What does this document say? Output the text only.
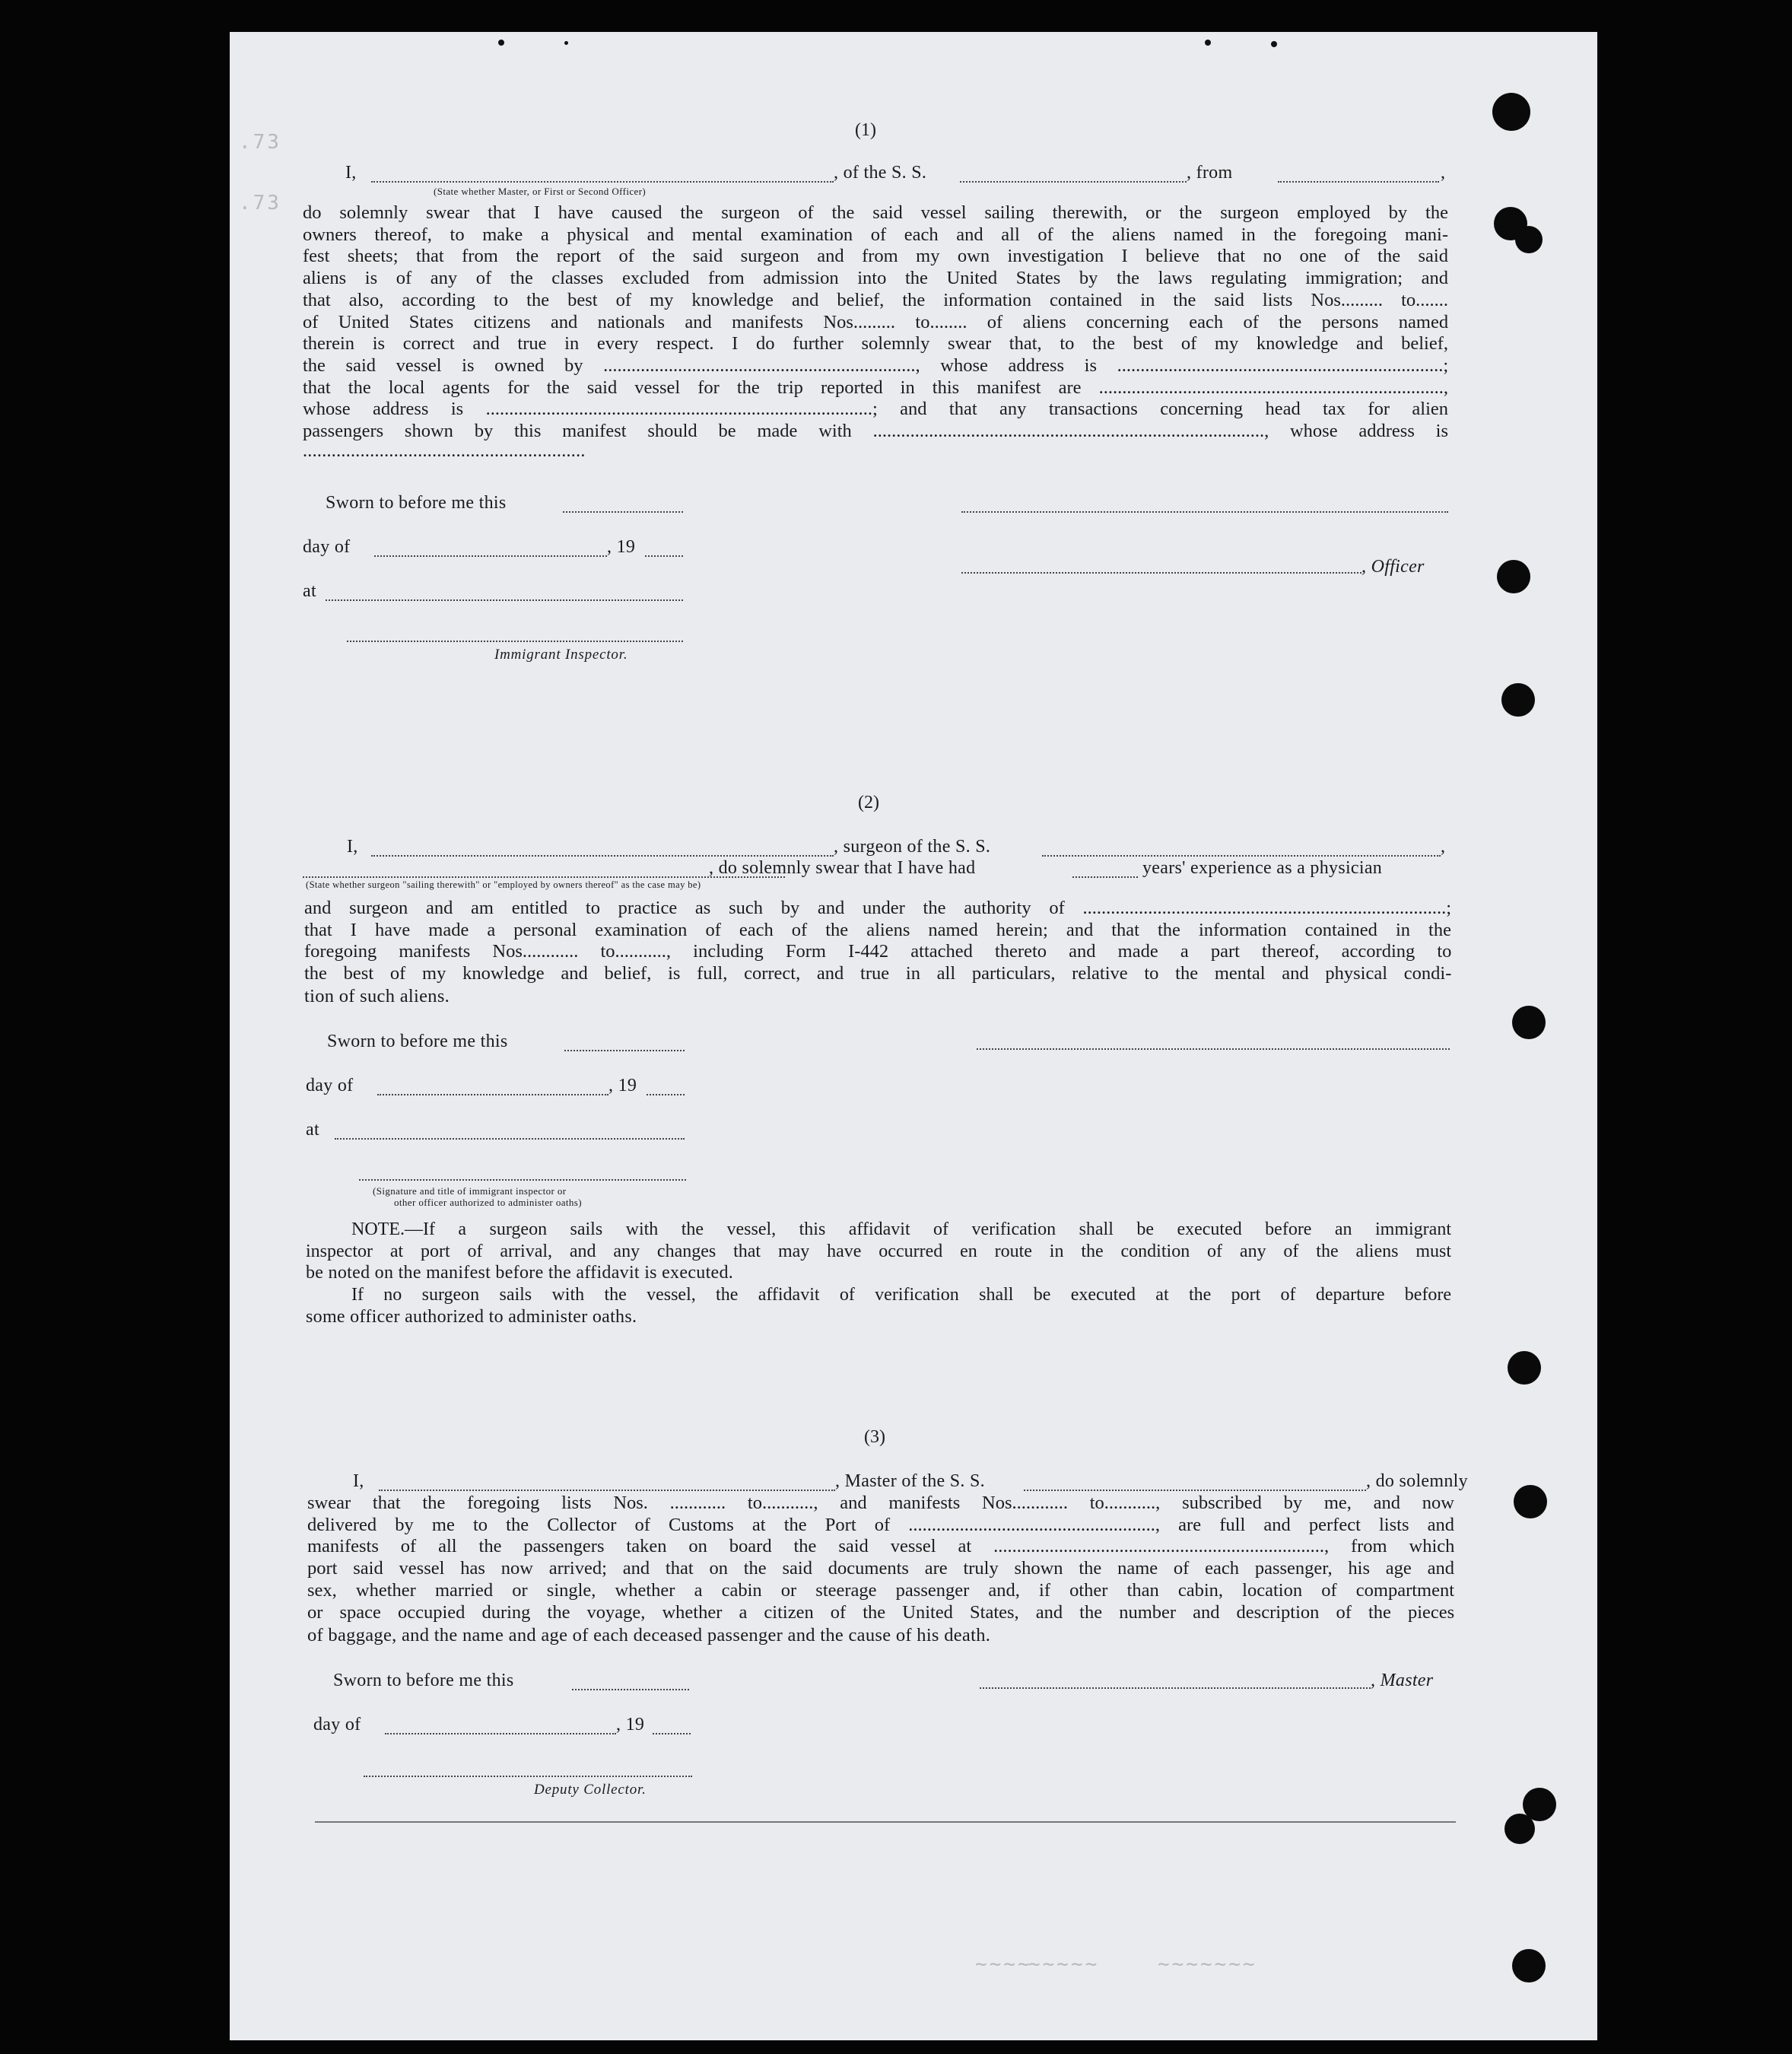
.73
.73
~~~~
~~~~~	~~~~~~~
(1)
I,	, of the S. S.	, from	,
(State whether Master, or First or Second Officer)
do solemnly swear that I have caused the surgeon of the said vessel sailing therewith, or the surgeon employed by the
owners thereof, to make a physical and mental examination of each and all of the aliens named in the foregoing mani-
fest sheets; that from the report of the said surgeon and from my own investigation I believe that no one of the said
aliens is of any of the classes excluded from admission into the United States by the laws regulating immigration; and
that also, according to the best of my knowledge and belief, the information contained in the said lists Nos......... to.......
of United States citizens and nationals and manifests Nos......... to........ of aliens concerning each of the persons named
therein is correct and true in every respect. I do further solemnly swear that, to the best of my knowledge and belief,
the said vessel is owned by ..................................................................., whose address is ......................................................................;
that the local agents for the said vessel for the trip reported in this manifest are ..........................................................................,
whose address is ...................................................................................; and that any transactions concerning head tax for alien
passengers shown by this manifest should be made with ...................................................................................., whose address is
...........................................................
Sworn to before me this
day of	, 19
, Officer
at
Immigrant Inspector.
(2)
I,	, surgeon of the S. S.	,
, do solemnly swear that I have had	years' experience as a physician
(State whether surgeon "sailing therewith" or "employed by owners thereof" as the case may be)
and surgeon and am entitled to practice as such by and under the authority of ..............................................................................;
that I have made a personal examination of each of the aliens named herein; and that the information contained in the
foregoing manifests Nos............ to..........., including Form I-442 attached thereto and made a part thereof, according to
the best of my knowledge and belief, is full, correct, and true in all particulars, relative to the mental and physical condi-
tion of such aliens.
Sworn to before me this
day of	, 19
at
(Signature and title of immigrant inspector or
other officer authorized to administer oaths)
NOTE.—If a surgeon sails with the vessel, this affidavit of verification shall be executed before an immigrant
inspector at port of arrival, and any changes that may have occurred en route in the condition of any of the aliens must
be noted on the manifest before the affidavit is executed.
If no surgeon sails with the vessel, the affidavit of verification shall be executed at the port of departure before
some officer authorized to administer oaths.
(3)
I,	, Master of the S. S.	, do solemnly
swear that the foregoing lists Nos. ............ to..........., and manifests Nos............ to..........., subscribed by me, and now
delivered by me to the Collector of Customs at the Port of ....................................................., are full and perfect lists and
manifests of all the passengers taken on board the said vessel at ......................................................................., from which
port said vessel has now arrived; and that on the said documents are truly shown the name of each passenger, his age and
sex, whether married or single, whether a cabin or steerage passenger and, if other than cabin, location of compartment
or space occupied during the voyage, whether a citizen of the United States, and the number and description of the pieces
of baggage, and the name and age of each deceased passenger and the cause of his death.
Sworn to before me this	, Master
day of	, 19
Deputy Collector.
